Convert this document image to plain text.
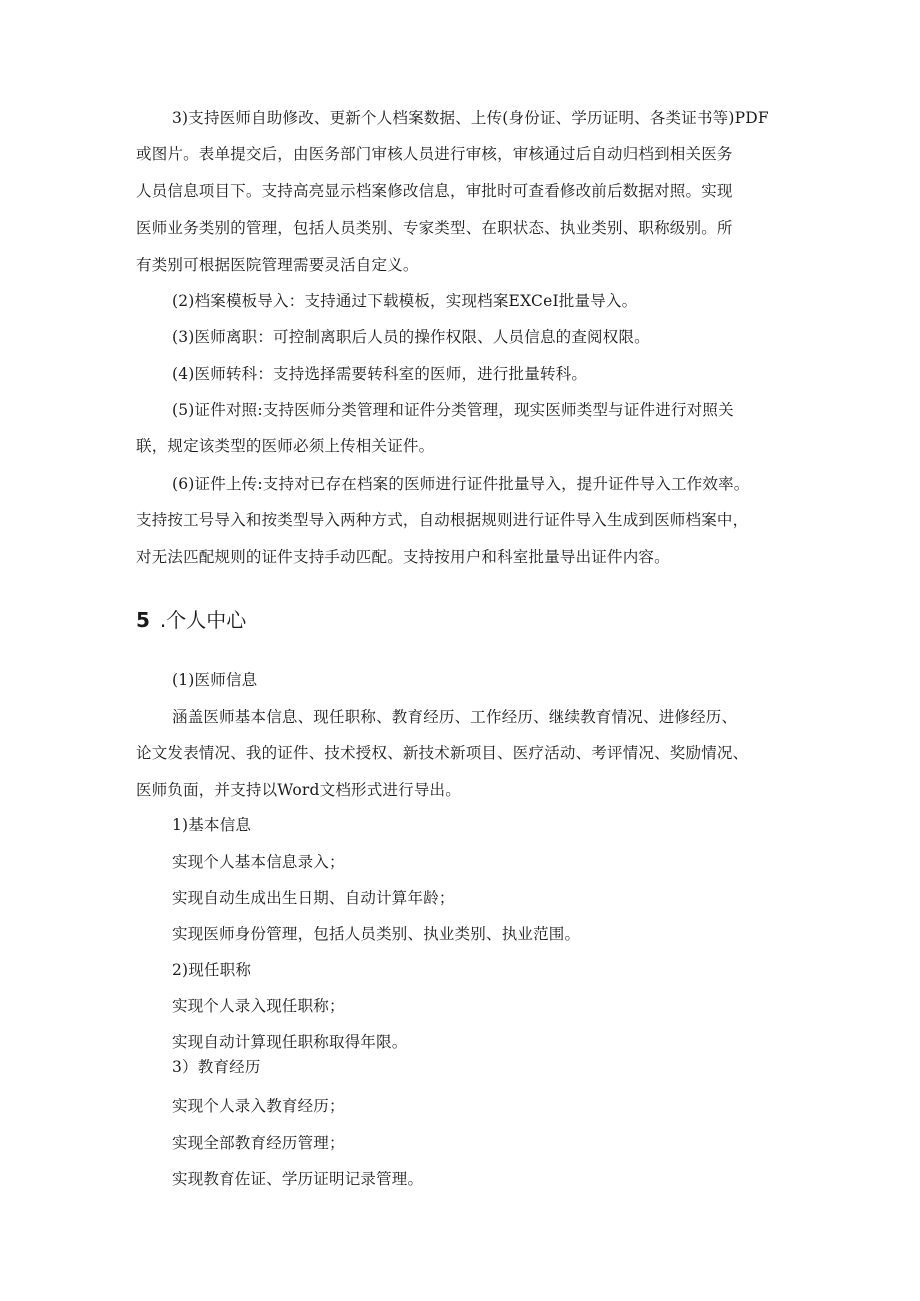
3)支持医师自助修改、更新个人档案数据、上传(身份证、学历证明、各类证书等)PDF
或图片。表单提交后，由医务部门审核人员进行审核，审核通过后自动归档到相关医务
人员信息项目下。支持高亮显示档案修改信息，审批时可查看修改前后数据对照。实现
医师业务类别的管理，包括人员类别、专家类型、在职状态、执业类别、职称级别。所
有类别可根据医院管理需要灵活自定义。
(2)档案模板导入：支持通过下载模板，实现档案EXCeI批量导入。
(3)医师离职：可控制离职后人员的操作权限、人员信息的查阅权限。
(4)医师转科：支持选择需要转科室的医师，进行批量转科。
(5)证件对照:支持医师分类管理和证件分类管理，现实医师类型与证件进行对照关
联，规定该类型的医师必须上传相关证件。
(6)证件上传:支持对已存在档案的医师进行证件批量导入，提升证件导入工作效率。
支持按工号导入和按类型导入两种方式，自动根据规则进行证件导入生成到医师档案中，
对无法匹配规则的证件支持手动匹配。支持按用户和科室批量导出证件内容。
5 .个人中心
(1)医师信息
涵盖医师基本信息、现任职称、教育经历、工作经历、继续教育情况、进修经历、
论文发表情况、我的证件、技术授权、新技术新项目、医疗活动、考评情况、奖励情况、
医师负面，并支持以Word文档形式进行导出。
1)基本信息
实现个人基本信息录入；
实现自动生成出生日期、自动计算年龄；
实现医师身份管理，包括人员类别、执业类别、执业范围。
2)现任职称
实现个人录入现任职称；
实现自动计算现任职称取得年限。
3）教育经历
实现个人录入教育经历；
实现全部教育经历管理；
实现教育佐证、学历证明记录管理。
